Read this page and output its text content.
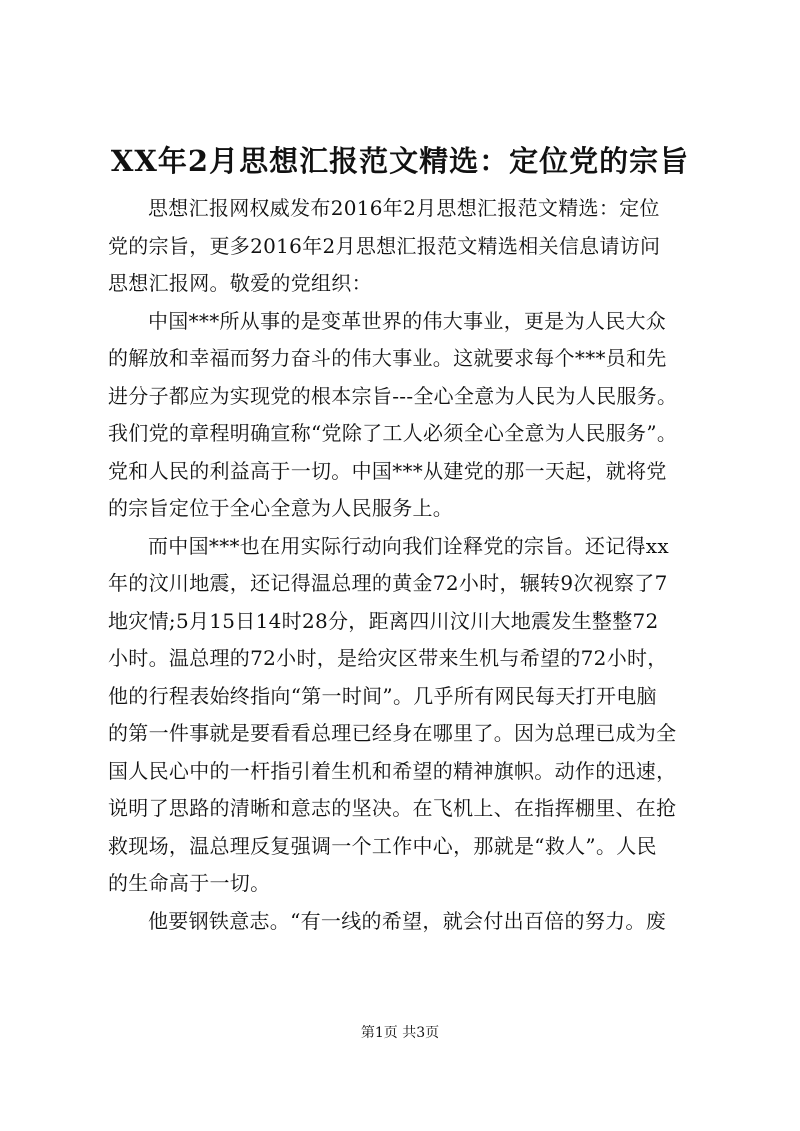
XX年2月思想汇报范文精选：定位党的宗旨

思想汇报网权威发布2016年2月思想汇报范文精选：定位
党的宗旨，更多2016年2月思想汇报范文精选相关信息请访问
思想汇报网。敬爱的党组织：

中国***所从事的是变革世界的伟大事业，更是为人民大众
的解放和幸福而努力奋斗的伟大事业。这就要求每个***员和先
进分子都应为实现党的根本宗旨---全心全意为人民为人民服务。
我们党的章程明确宣称“党除了工人必须全心全意为人民服务”。
党和人民的利益高于一切。中国***从建党的那一天起，就将党
的宗旨定位于全心全意为人民服务上。

而中国***也在用实际行动向我们诠释党的宗旨。还记得xx
年的汶川地震，还记得温总理的黄金72小时，辗转9次视察了7
地灾情;5月15日14时28分，距离四川汶川大地震发生整整72
小时。温总理的72小时，是给灾区带来生机与希望的72小时，
他的行程表始终指向“第一时间”。几乎所有网民每天打开电脑
的第一件事就是要看看总理已经身在哪里了。因为总理已成为全
国人民心中的一杆指引着生机和希望的精神旗帜。动作的迅速，
说明了思路的清晰和意志的坚决。在飞机上、在指挥棚里、在抢
救现场，温总理反复强调一个工作中心，那就是“救人”。人民
的生命高于一切。

他要钢铁意志。“有一线的希望，就会付出百倍的努力。废

第1页 共3页
